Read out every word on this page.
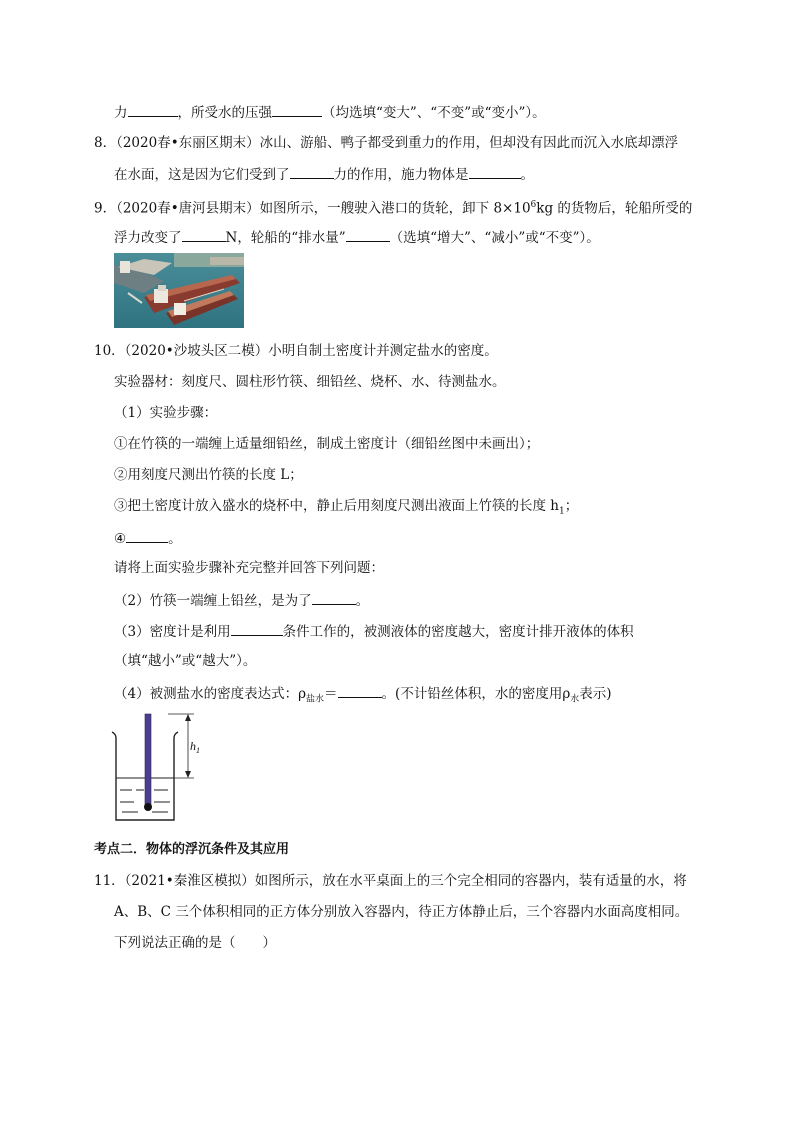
力	，所受水的压强	（均选填“变大”、“不变”或“变小”）。
8．（2020春•东丽区期末）冰山、游船、鸭子都受到重力的作用，但却没有因此而沉入水底却漂浮
在水面，这是因为它们受到了	力的作用，施力物体是	。
9．（2020春•唐河县期末）如图所示，一艘驶入港口的货轮，卸下 $8\times 10^6kg$ 的货物后，轮船所受的
浮力改变了	N，轮船的“排水量”	（选填“增大”、“减小”或“不变”）。
10．（2020•沙坡头区二模）小明自制土密度计并测定盐水的密度。
实验器材：刻度尺、圆柱形竹筷、细铅丝、烧杯、水、待测盐水。
（1）实验步骤：
①在竹筷的一端缠上适量细铅丝，制成土密度计（细铅丝图中未画出）；
②用刻度尺测出竹筷的长度 L；
③把土密度计放入盛水的烧杯中，静止后用刻度尺测出液面上竹筷的长度 $h_1$；
④	。
请将上面实验步骤补充完整并回答下列问题：
（2）竹筷一端缠上铅丝，是为了	。
（3）密度计是利用	条件工作的，被测液体的密度越大，密度计排开液体的体积
（填“越小”或“越大”）。
（4）被测盐水的密度表达式：$\rho_{盐水}=$	。(不计铅丝体积，水的密度用$\rho_水$表示)
$h_1$
考点二．物体的浮沉条件及其应用
11．（2021•秦淮区模拟）如图所示，放在水平桌面上的三个完全相同的容器内，装有适量的水，将
A、B、C 三个体积相同的正方体分别放入容器内，待正方体静止后，三个容器内水面高度相同。
下列说法正确的是（　　）
